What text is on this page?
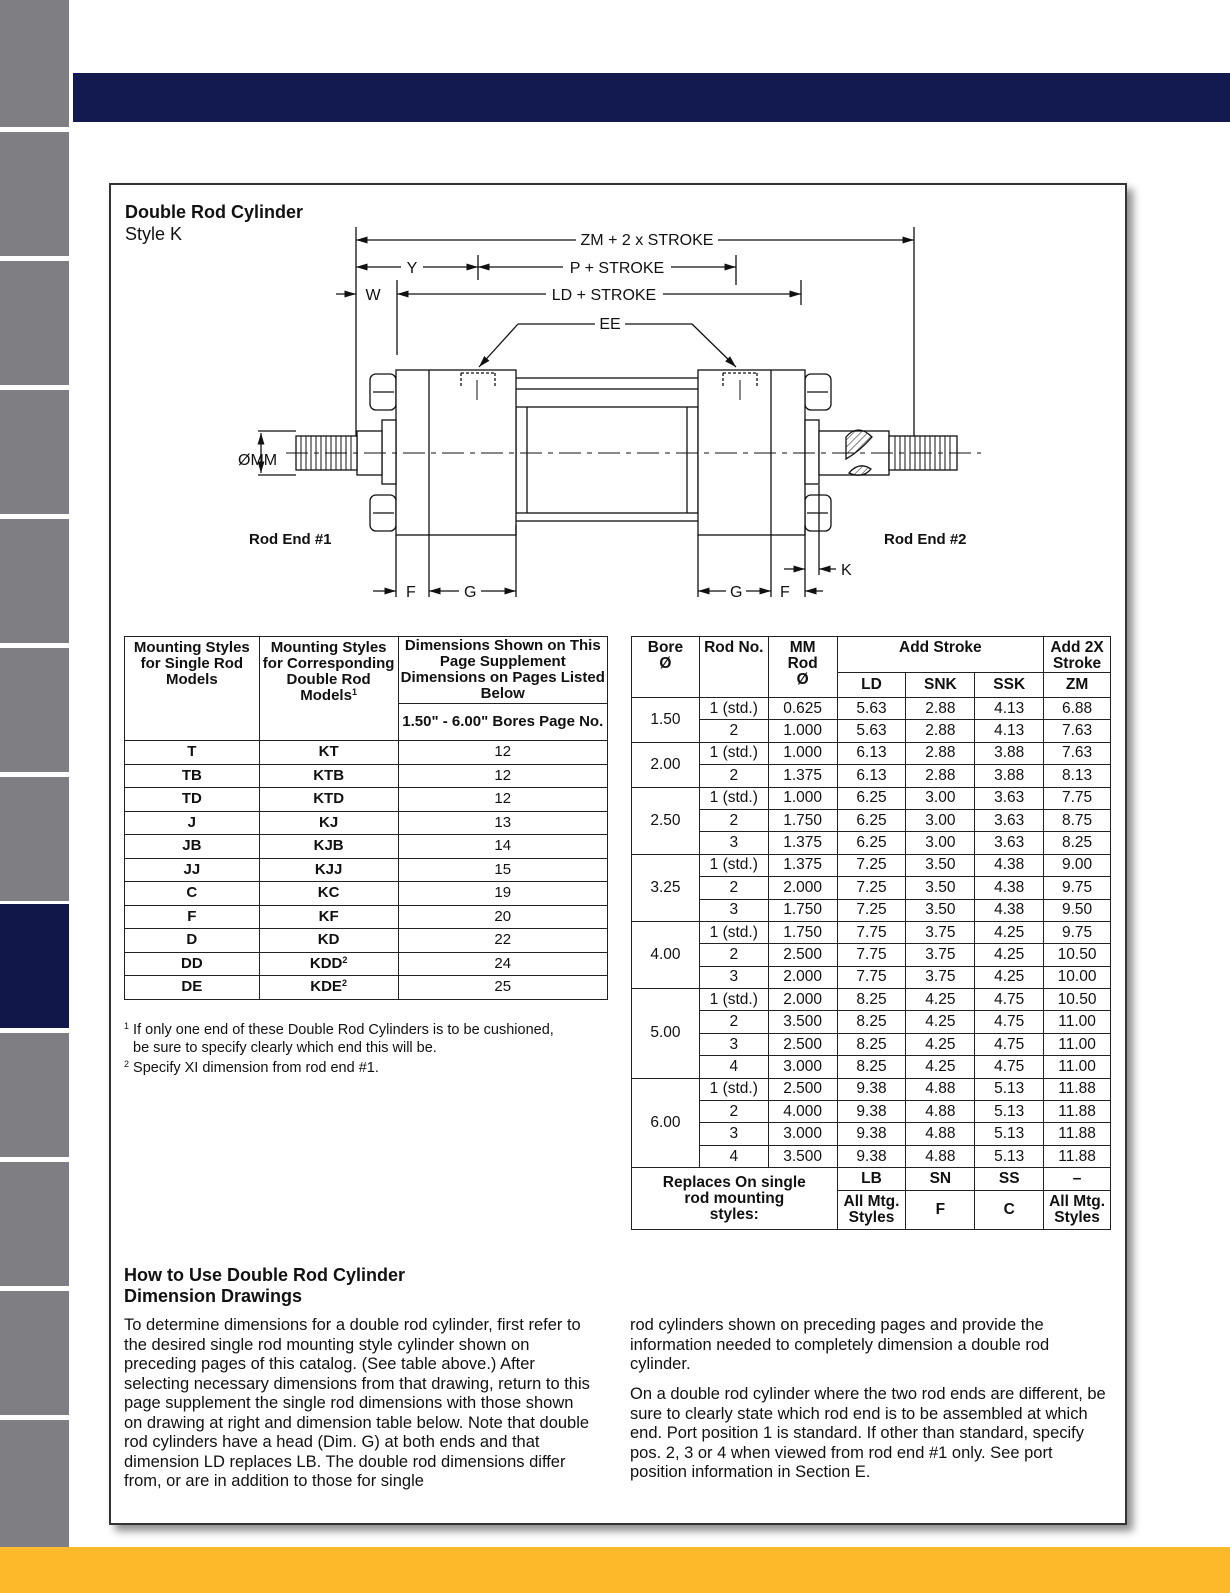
Double Rod Cylinder
Style K	ZM + 2 x STROKE
Y	P + STROKE
W	LD + STROKE
EE
ØMM
Rod End #1	Rod End #2
F	G	G F
K
Mounting Styles for Single Rod Models	Mounting Styles for Corresponding Double Rod Models$^1$	Dimensions Shown on This Page Supplement Dimensions on Pages Listed Below
		1.50" - 6.00" Bores Page No.
T	KT	12
TB	KTB	12
TD	KTD	12
J	KJ	13
JB	KJB	14
JJ	KJJ	15
C	KC	19
F	KF	20
D	KD	22
DD	KDD$^2$	24
DE	KDE$^2$	25
$^1$ If only one end of these Double Rod Cylinders is to be cushioned,
be sure to specify clearly which end this will be.
$^2$ Specify XI dimension from rod end #1.
Bore Ø	Rod No.	MM Rod Ø	Add Stroke			Add 2X Stroke
			LD	SNK	SSK	ZM
1.50	1 (std.)	0.625	5.63	2.88	4.13	6.88
	2	1.000	5.63	2.88	4.13	7.63
2.00	1 (std.)	1.000	6.13	2.88	3.88	7.63
	2	1.375	6.13	2.88	3.88	8.13
2.50	1 (std.)	1.000	6.25	3.00	3.63	7.75
	2	1.750	6.25	3.00	3.63	8.75
	3	1.375	6.25	3.00	3.63	8.25
3.25	1 (std.)	1.375	7.25	3.50	4.38	9.00
	2	2.000	7.25	3.50	4.38	9.75
	3	1.750	7.25	3.50	4.38	9.50
4.00	1 (std.)	1.750	7.75	3.75	4.25	9.75
	2	2.500	7.75	3.75	4.25	10.50
	3	2.000	7.75	3.75	4.25	10.00
5.00	1 (std.)	2.000	8.25	4.25	4.75	10.50
	2	3.500	8.25	4.25	4.75	11.00
	3	2.500	8.25	4.25	4.75	11.00
	4	3.000	8.25	4.25	4.75	11.00
6.00	1 (std.)	2.500	9.38	4.88	5.13	11.88
	2	4.000	9.38	4.88	5.13	11.88
	3	3.000	9.38	4.88	5.13	11.88
	4	3.500	9.38	4.88	5.13	11.88
Replaces On single rod mounting styles:			LB	SN	SS	–
			All Mtg. Styles	F	C	All Mtg. Styles
How to Use Double Rod Cylinder
Dimension Drawings
To determine dimensions for a double rod cylinder, first refer to the desired single rod mounting style cylinder shown on preceding pages of this catalog. (See table above.) After selecting necessary dimensions from that drawing, return to this page supplement the single rod dimensions with those shown on drawing at right and dimension table below. Note that double rod cylinders have a head (Dim. G) at both ends and that dimension LD replaces LB. The double rod dimensions differ from, or are in addition to those for single
rod cylinders shown on preceding pages and provide the information needed to completely dimension a double rod cylinder.
On a double rod cylinder where the two rod ends are different, be sure to clearly state which rod end is to be assembled at which end. Port position 1 is standard. If other than standard, specify pos. 2, 3 or 4 when viewed from rod end #1 only. See port position information in Section E.
